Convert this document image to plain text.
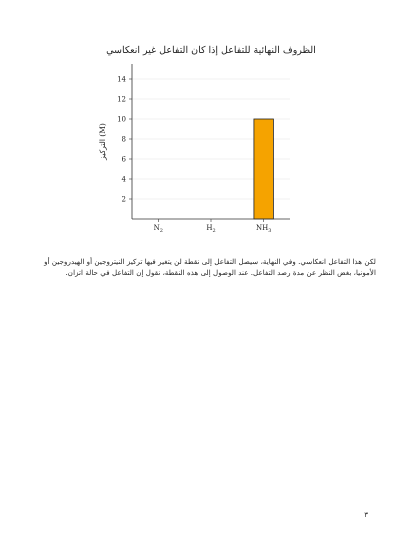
الظروف النهائية للتفاعل إذا كان التفاعل غير انعكاسي
2
4
6
8
10
12
14
التركيز (M)
$N_2$	$H_2$	$NH_3$
لكن هذا التفاعل انعكاسي. وفي النهاية، سيصل التفاعل إلى نقطة لن يتغير فيها تركيز النيتروجين أو الهيدروجين أو الأمونيا، بغض النظر عن مدة رصد التفاعل. عند الوصول إلى هذه النقطة، نقول إن التفاعل في حالة اتزان.
٣
